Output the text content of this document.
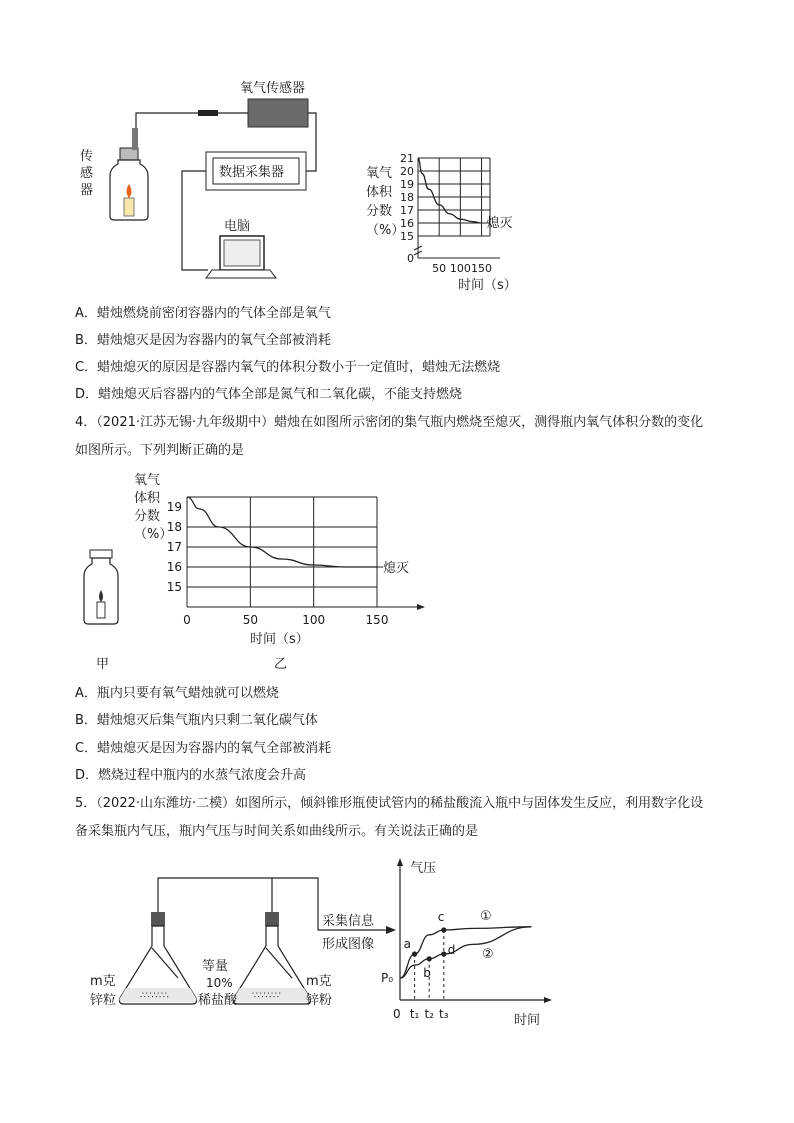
氧气传感器
数据采集器
电脑
传
感
器
21
20
19
18
17
16
15
0
50 100 150
氧气
体积
分数
（%）
时间（s）
熄灭
A．蜡烛燃烧前密闭容器内的气体全部是氧气
B．蜡烛熄灭是因为容器内的氧气全部被消耗
C．蜡烛熄灭的原因是容器内氧气的体积分数小于一定值时，蜡烛无法燃烧
D．蜡烛熄灭后容器内的气体全部是氮气和二氧化碳，不能支持燃烧
4．（2021·江苏无锡·九年级期中）蜡烛在如图所示密闭的集气瓶内燃烧至熄灭，测得瓶内氧气体积分数的变化如图所示。下列判断正确的是
19
18
17
16
15
0	50	100	150
氧气
体积
分数
（%）
时间（s）
熄灭
甲	乙
A．瓶内只要有氧气蜡烛就可以燃烧
B．蜡烛熄灭后集气瓶内只剩二氧化碳气体
C．蜡烛熄灭是因为容器内的氧气全部被消耗
D．燃烧过程中瓶内的水蒸气浓度会升高
5．（2022·山东潍坊·二模）如图所示，倾斜锥形瓶使试管内的稀盐酸流入瓶中与固体发生反应，利用数字化设备采集瓶内气压，瓶内气压与时间关系如曲线所示。有关说法正确的是
∴∵∴∵∴	∵∴∵∴∵
m克
锌粒
等量
10%
稀盐酸
m克
锌粉
采集信息
形成图像
气压
时间
P₀
0
①
②
t₁ t₂ t₃
a
b
c
d
